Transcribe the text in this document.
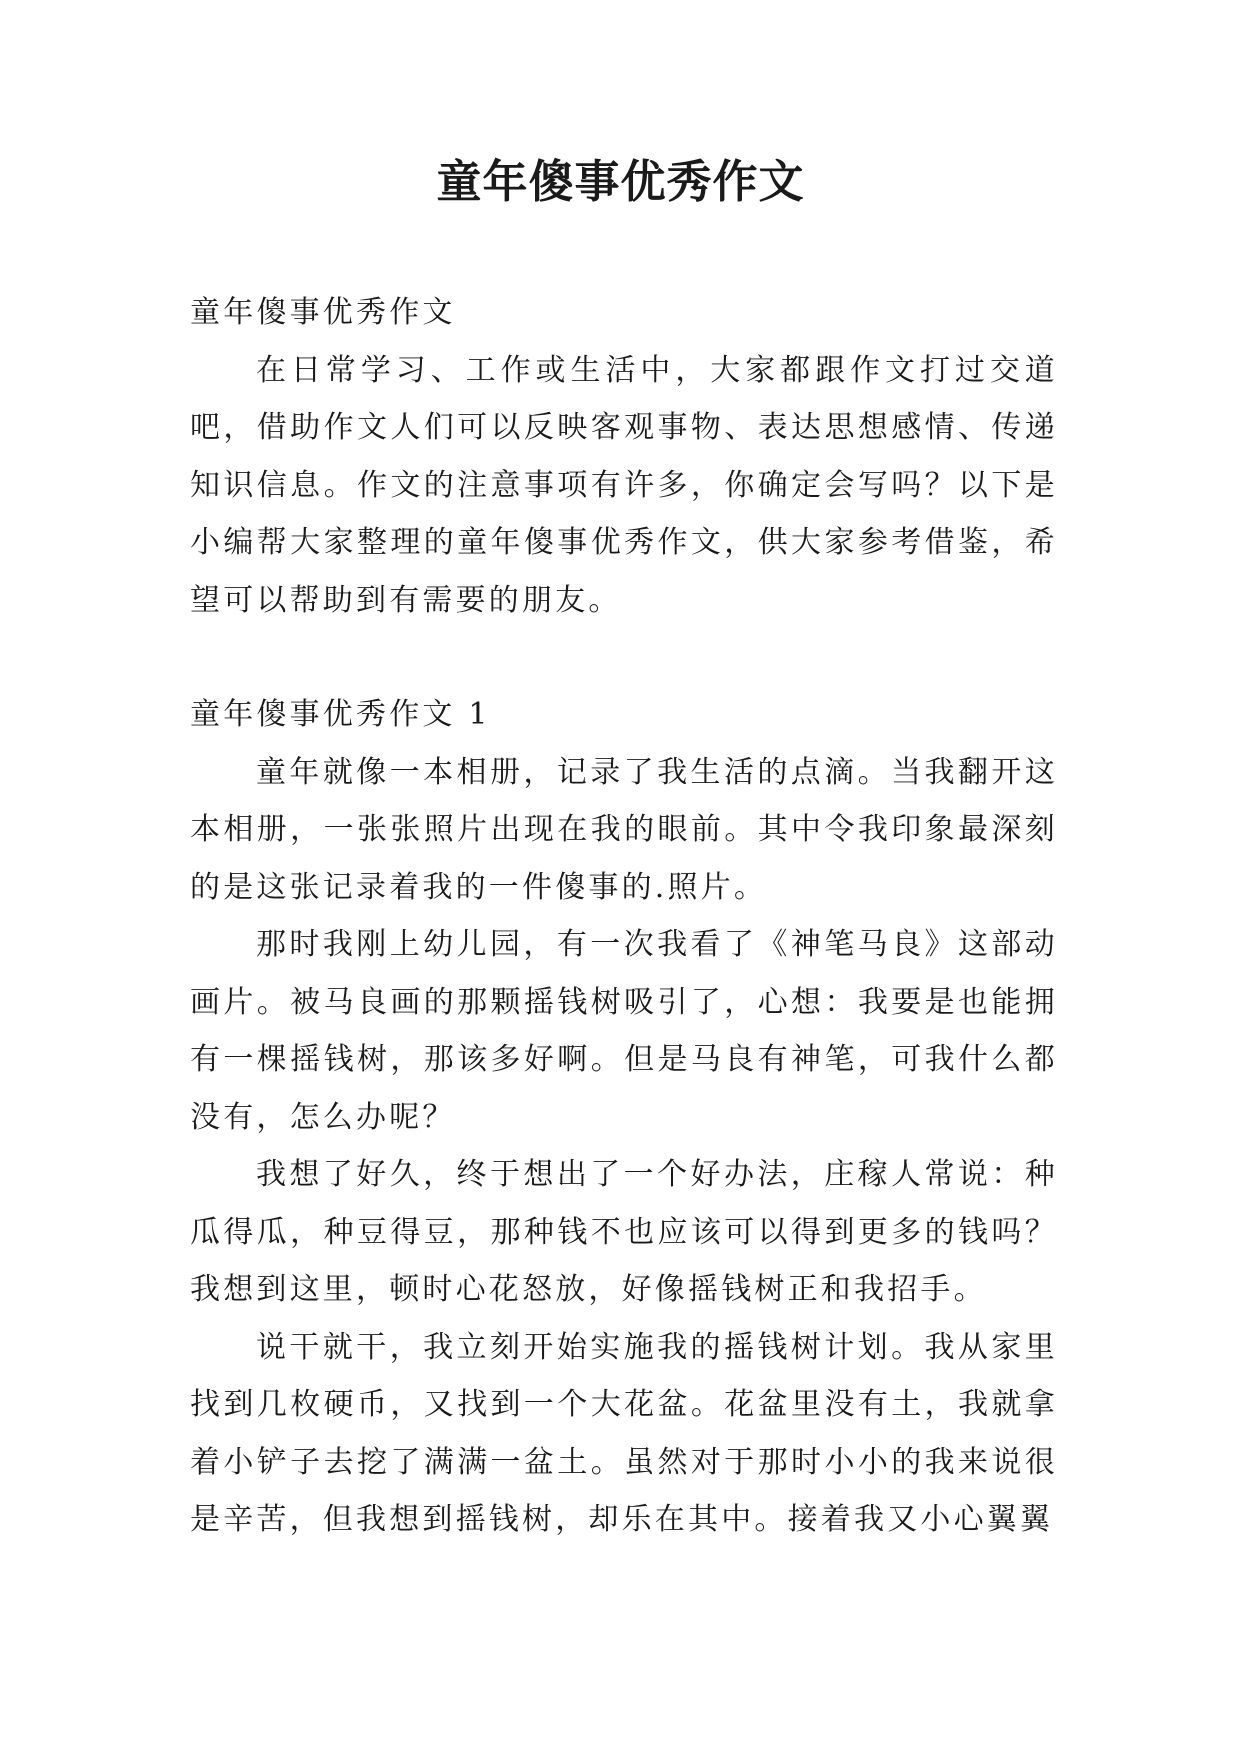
童年傻事优秀作文

童年傻事优秀作文

在日常学习、工作或生活中，大家都跟作文打过交道吧，借助作文人们可以反映客观事物、表达思想感情、传递知识信息。作文的注意事项有许多，你确定会写吗？以下是小编帮大家整理的童年傻事优秀作文，供大家参考借鉴，希望可以帮助到有需要的朋友。

童年傻事优秀作文 1

童年就像一本相册，记录了我生活的点滴。当我翻开这本相册，一张张照片出现在我的眼前。其中令我印象最深刻的是这张记录着我的一件傻事的.照片。

那时我刚上幼儿园，有一次我看了《神笔马良》这部动画片。被马良画的那颗摇钱树吸引了，心想：我要是也能拥有一棵摇钱树，那该多好啊。但是马良有神笔，可我什么都没有，怎么办呢？

我想了好久，终于想出了一个好办法，庄稼人常说：种瓜得瓜，种豆得豆，那种钱不也应该可以得到更多的钱吗？我想到这里，顿时心花怒放，好像摇钱树正和我招手。

说干就干，我立刻开始实施我的摇钱树计划。我从家里找到几枚硬币，又找到一个大花盆。花盆里没有土，我就拿着小铲子去挖了满满一盆土。虽然对于那时小小的我来说很是辛苦，但我想到摇钱树，却乐在其中。接着我又小心翼翼
